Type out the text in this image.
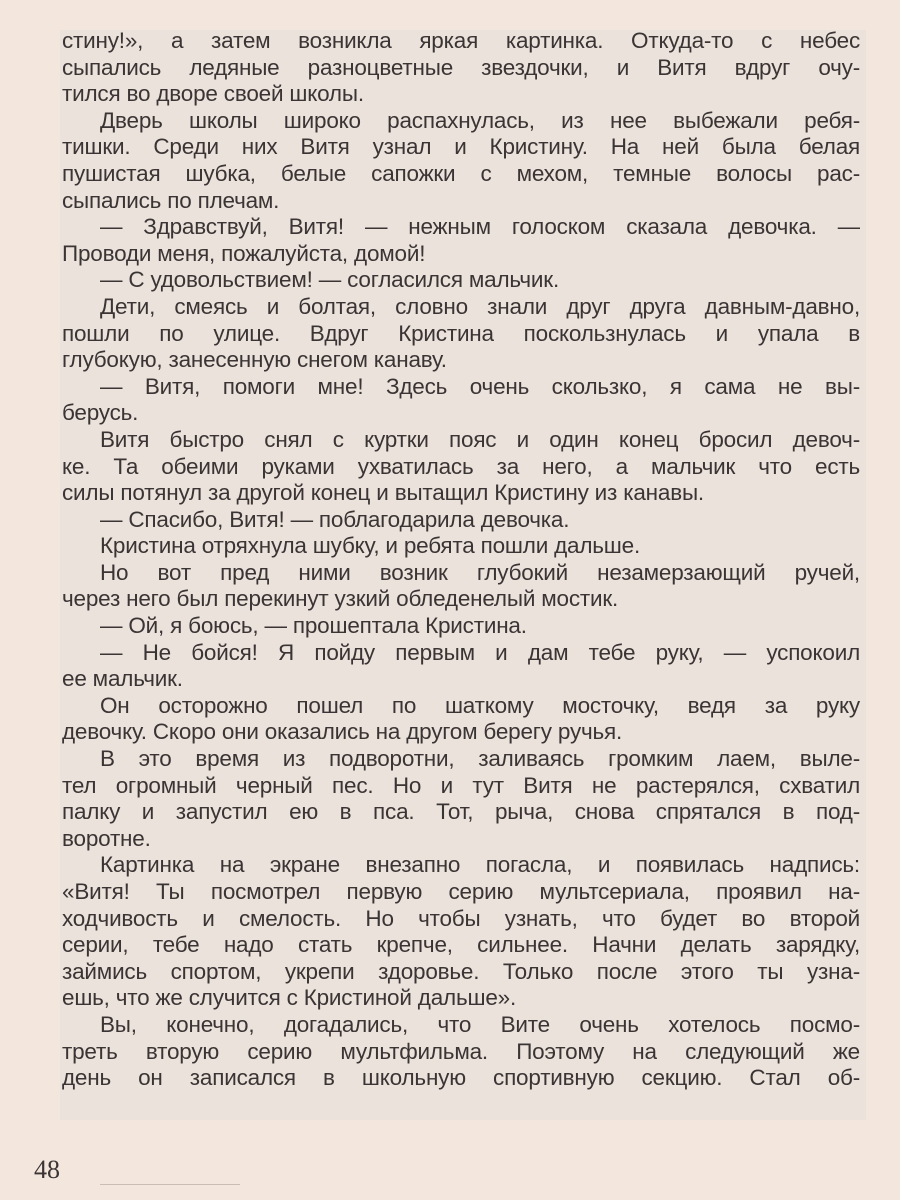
стину!», а затем возникла яркая картинка. Откуда-то с небес
сыпались ледяные разноцветные звездочки, и Витя вдруг очу-
тился во дворе своей школы.
Дверь школы широко распахнулась, из нее выбежали ребя-
тишки. Среди них Витя узнал и Кристину. На ней была белая
пушистая шубка, белые сапожки с мехом, темные волосы рас-
сыпались по плечам.
— Здравствуй, Витя! — нежным голоском сказала девочка. —
Проводи меня, пожалуйста, домой!
— С удовольствием! — согласился мальчик.
Дети, смеясь и болтая, словно знали друг друга давным-давно,
пошли по улице. Вдруг Кристина поскользнулась и упала в
глубокую, занесенную снегом канаву.
— Витя, помоги мне! Здесь очень скользко, я сама не вы-
берусь.
Витя быстро снял с куртки пояс и один конец бросил девоч-
ке. Та обеими руками ухватилась за него, а мальчик что есть
силы потянул за другой конец и вытащил Кристину из канавы.
— Спасибо, Витя! — поблагодарила девочка.
Кристина отряхнула шубку, и ребята пошли дальше.
Но вот пред ними возник глубокий незамерзающий ручей,
через него был перекинут узкий обледенелый мостик.
— Ой, я боюсь, — прошептала Кристина.
— Не бойся! Я пойду первым и дам тебе руку, — успокоил
ее мальчик.
Он осторожно пошел по шаткому мосточку, ведя за руку
девочку. Скоро они оказались на другом берегу ручья.
В это время из подворотни, заливаясь громким лаем, выле-
тел огромный черный пес. Но и тут Витя не растерялся, схватил
палку и запустил ею в пса. Тот, рыча, снова спрятался в под-
воротне.
Картинка на экране внезапно погасла, и появилась надпись:
«Витя! Ты посмотрел первую серию мультсериала, проявил на-
ходчивость и смелость. Но чтобы узнать, что будет во второй
серии, тебе надо стать крепче, сильнее. Начни делать зарядку,
займись спортом, укрепи здоровье. Только после этого ты узна-
ешь, что же случится с Кристиной дальше».
Вы, конечно, догадались, что Вите очень хотелось посмо-
треть вторую серию мультфильма. Поэтому на следующий же
день он записался в школьную спортивную секцию. Стал об-
48
